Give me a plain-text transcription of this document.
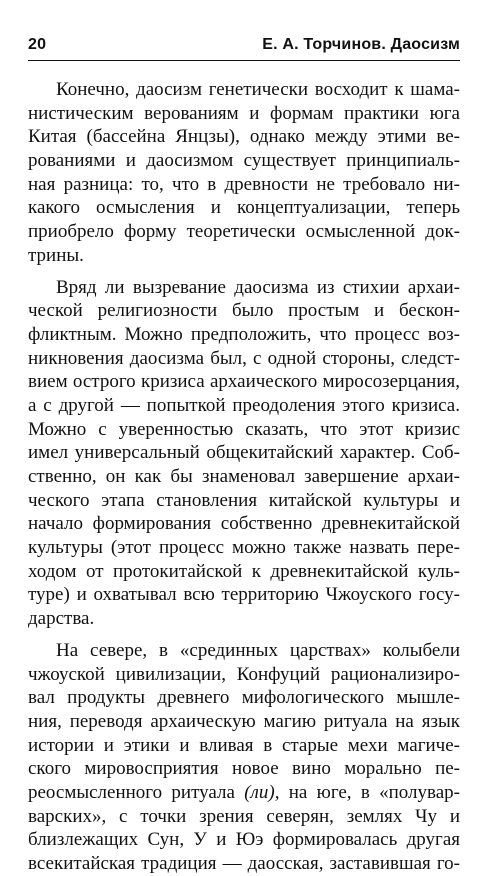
20	Е. А. Торчинов. Даосизм
Конечно, даосизм генетически восходит к шама-
нистическим верованиям и формам практики юга
Китая (бассейна Янцзы), однако между этими ве-
рованиями и даосизмом существует принципиаль-
ная разница: то, что в древности не требовало ни-
какого осмысления и концептуализации, теперь
приобрело форму теоретически осмысленной док-
трины.
Вряд ли вызревание даосизма из стихии архаи-
ческой религиозности было простым и бескон-
фликтным. Можно предположить, что процесс воз-
никновения даосизма был, с одной стороны, следст-
вием острого кризиса архаического миросозерцания,
а с другой — попыткой преодоления этого кризиса.
Можно с уверенностью сказать, что этот кризис
имел универсальный общекитайский характер. Соб-
ственно, он как бы знаменовал завершение архаи-
ческого этапа становления китайской культуры и
начало формирования собственно древнекитайской
культуры (этот процесс можно также назвать пере-
ходом от протокитайской к древнекитайской куль-
туре) и охватывал всю территорию Чжоуского госу-
дарства.
На севере, в «срединных царствах» колыбели
чжоуской цивилизации, Конфуций рационализиро-
вал продукты древнего мифологического мышле-
ния, переводя архаическую магию ритуала на язык
истории и этики и вливая в старые мехи магиче-
ского мировосприятия новое вино морально пе-
реосмысленного ритуала (ли), на юге, в «полувар-
варских», с точки зрения северян, землях Чу и
близлежащих Сун, У и Юэ формировалась другая
всекитайская традиция — даосская, заставившая го-
